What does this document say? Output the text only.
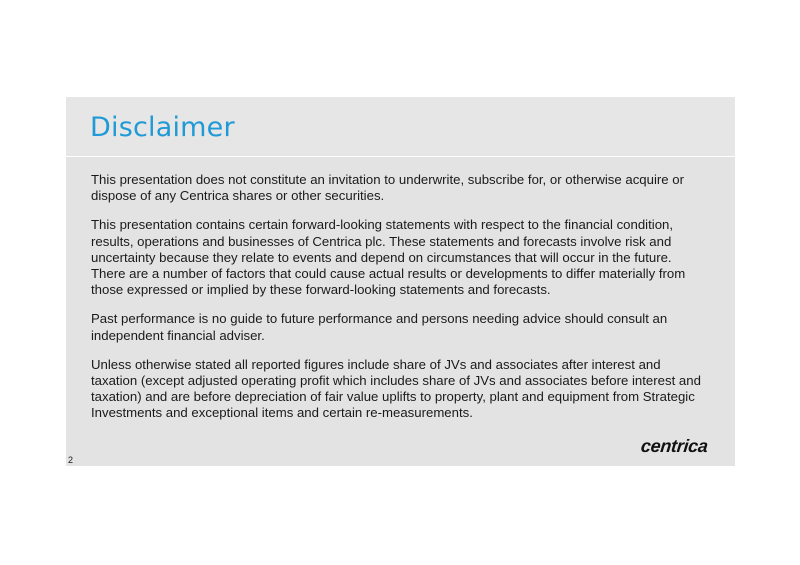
Disclaimer

This presentation does not constitute an invitation to underwrite, subscribe for, or otherwise acquire or dispose of any Centrica shares or other securities.

This presentation contains certain forward-looking statements with respect to the financial condition, results, operations and businesses of Centrica plc. These statements and forecasts involve risk and uncertainty because they relate to events and depend on circumstances that will occur in the future. There are a number of factors that could cause actual results or developments to differ materially from those expressed or implied by these forward-looking statements and forecasts.

Past performance is no guide to future performance and persons needing advice should consult an independent financial adviser.

Unless otherwise stated all reported figures include share of JVs and associates after interest and taxation (except adjusted operating profit which includes share of JVs and associates before interest and taxation) and are before depreciation of fair value uplifts to property, plant and equipment from Strategic Investments and exceptional items and certain re-measurements.

2
centrica
